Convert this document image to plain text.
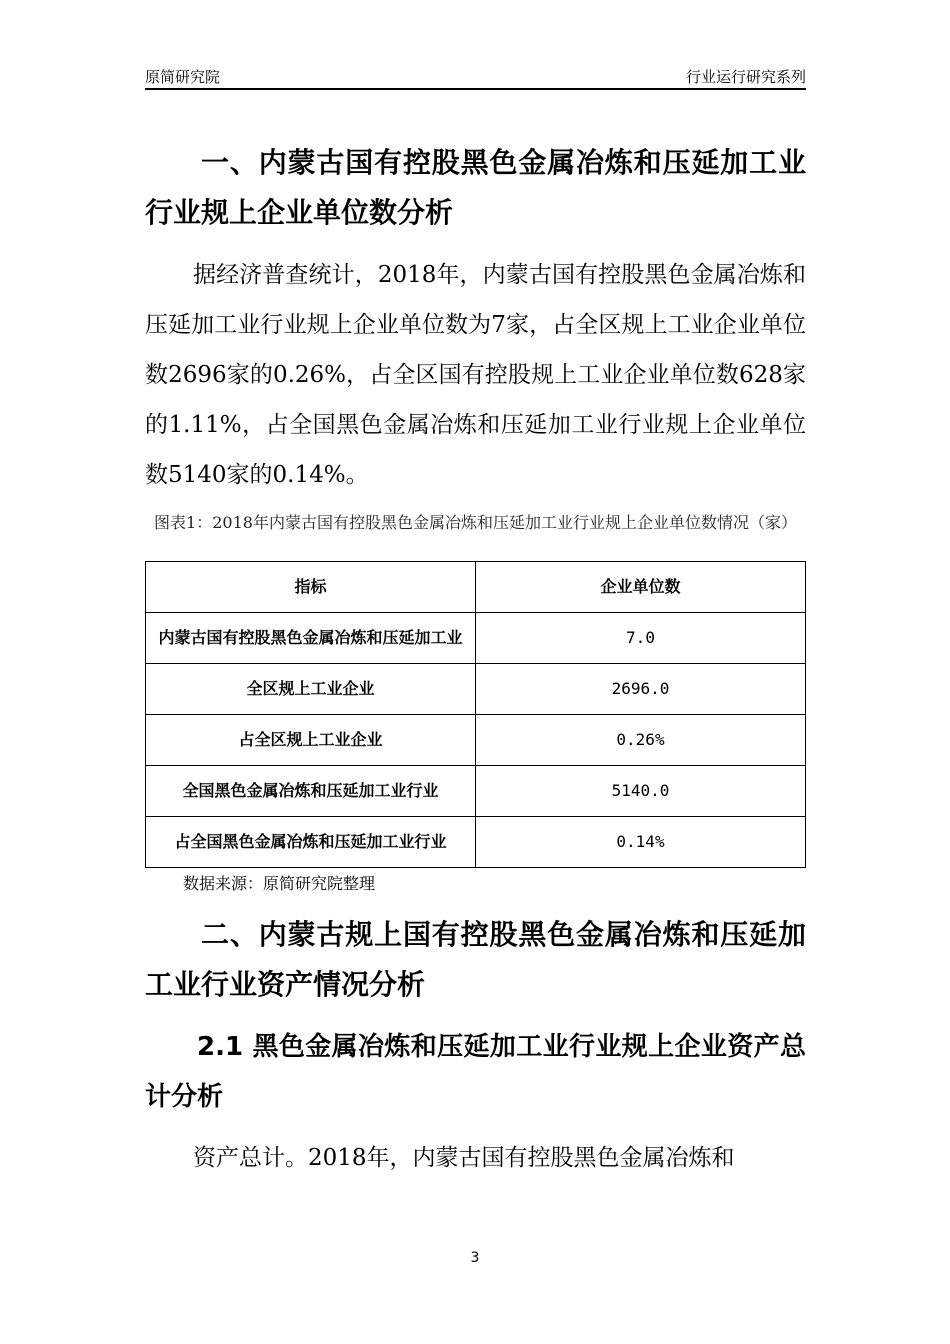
原简研究院	行业运行研究系列
一、内蒙古国有控股黑色金属冶炼和压延加工业行业规上企业单位数分析
据经济普查统计，2018年，内蒙古国有控股黑色金属冶炼和压延加工业行业规上企业单位数为7家，占全区规上工业企业单位数2696家的0.26%，占全区国有控股规上工业企业单位数628家的1.11%，占全国黑色金属冶炼和压延加工业行业规上企业单位数5140家的0.14%。
图表1：2018年内蒙古国有控股黑色金属冶炼和压延加工业行业规上企业单位数情况（家）
指标	企业单位数
内蒙古国有控股黑色金属冶炼和压延加工业	7.0
全区规上工业企业	2696.0
占全区规上工业企业	0.26%
全国黑色金属冶炼和压延加工业行业	5140.0
占全国黑色金属冶炼和压延加工业行业	0.14%
数据来源：原简研究院整理
二、内蒙古规上国有控股黑色金属冶炼和压延加工业行业资产情况分析
2.1 黑色金属冶炼和压延加工业行业规上企业资产总计分析
资产总计。2018年，内蒙古国有控股黑色金属冶炼和
3
